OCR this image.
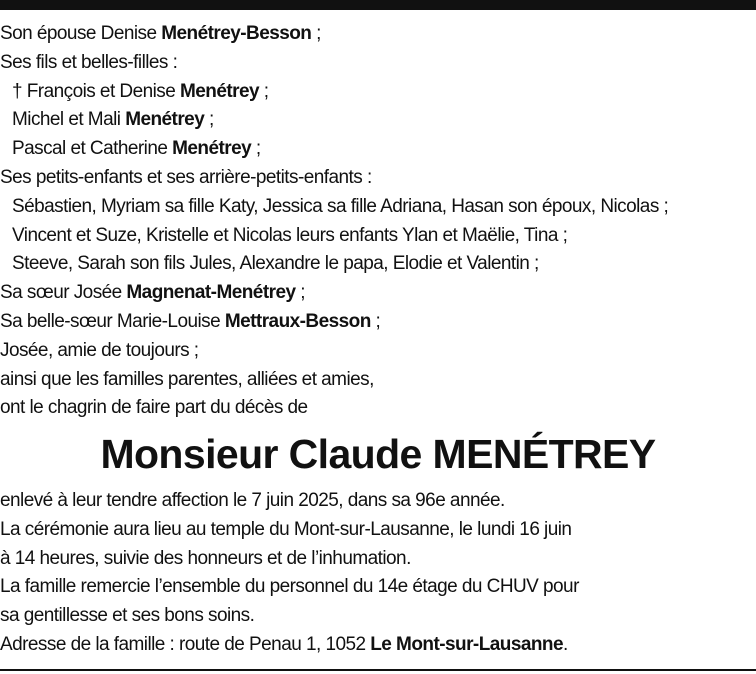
Son épouse Denise Menétrey-Besson ;
Ses fils et belles-filles :
† François et Denise Menétrey ;
Michel et Mali Menétrey ;
Pascal et Catherine Menétrey ;
Ses petits-enfants et ses arrière-petits-enfants :
Sébastien, Myriam sa fille Katy, Jessica sa fille Adriana, Hasan son époux, Nicolas ;
Vincent et Suze, Kristelle et Nicolas leurs enfants Ylan et Maëlie, Tina ;
Steeve, Sarah son fils Jules, Alexandre le papa, Elodie et Valentin ;
Sa sœur Josée Magnenat-Menétrey ;
Sa belle-sœur Marie-Louise Mettraux-Besson ;
Josée, amie de toujours ;
ainsi que les familles parentes, alliées et amies,
ont le chagrin de faire part du décès de
Monsieur Claude MENÉTREY
enlevé à leur tendre affection le 7 juin 2025, dans sa 96e année.
La cérémonie aura lieu au temple du Mont-sur-Lausanne, le lundi 16 juin
à 14 heures, suivie des honneurs et de l’inhumation.
La famille remercie l’ensemble du personnel du 14e étage du CHUV pour
sa gentillesse et ses bons soins.
Adresse de la famille : route de Penau 1, 1052 Le Mont-sur-Lausanne.
